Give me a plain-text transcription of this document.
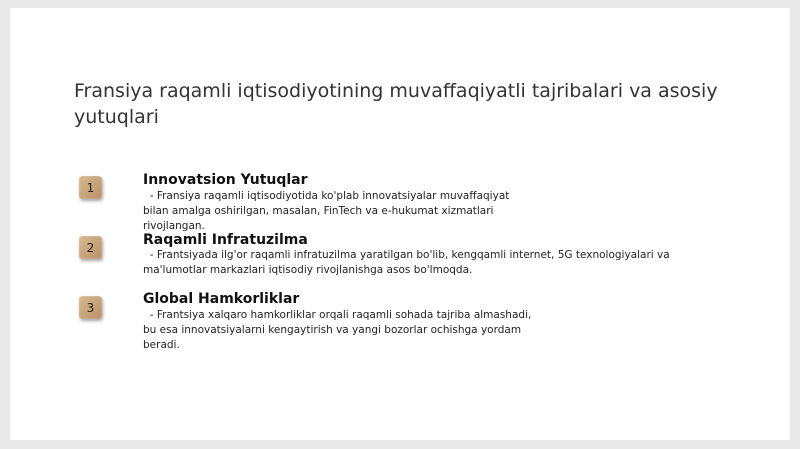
Fransiya raqamli iqtisodiyotining muvaffaqiyatli tajribalari va asosiy yutuqlari
1	Innovatsion Yutuqlar
- Fransiya raqamli iqtisodiyotida ko'plab innovatsiyalar muvaffaqiyat
bilan amalga oshirilgan, masalan, FinTech va e-hukumat xizmatlari
rivojlangan.
2	Raqamli Infratuzilma
- Frantsiyada ilg'or raqamli infratuzilma yaratilgan bo'lib, kengqamli internet, 5G texnologiyalari va
ma'lumotlar markazlari iqtisodiy rivojlanishga asos bo'lmoqda.
3
Global Hamkorliklar
- Frantsiya xalqaro hamkorliklar orqali raqamli sohada tajriba almashadi,
bu esa innovatsiyalarni kengaytirish va yangi bozorlar ochishga yordam
beradi.
